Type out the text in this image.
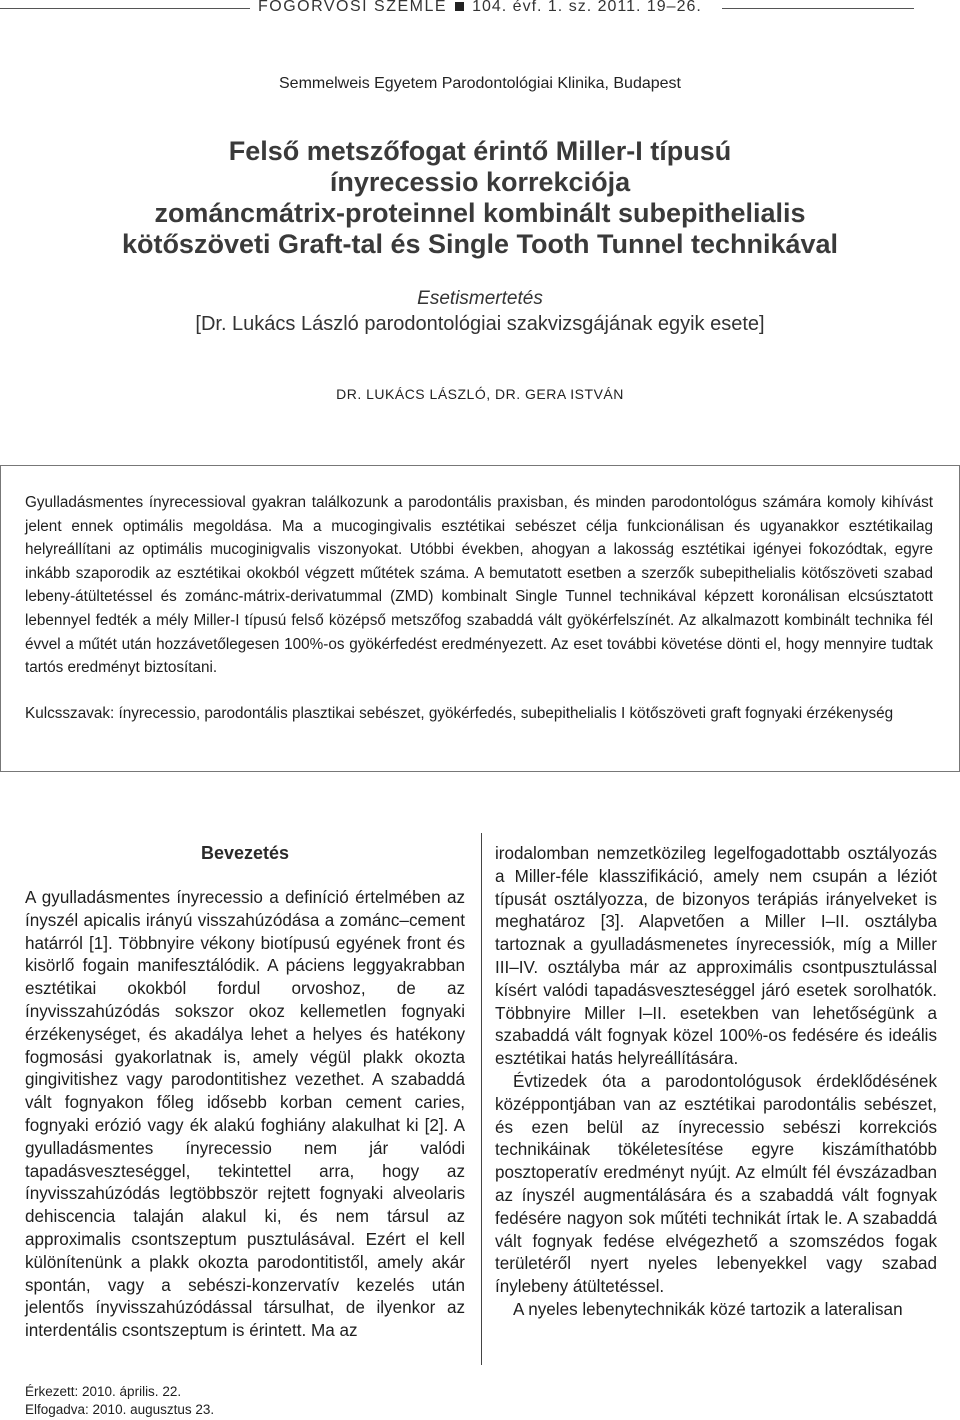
FOGORVOSI SZEMLE 104. évf. 1. sz. 2011. 19–26.
Semmelweis Egyetem Parodontológiai Klinika, Budapest
Felső metszőfogat érintő Miller-I típusú
ínyrecessio korrekciója
zománcmátrix-proteinnel kombinált subepithelialis
kötőszöveti Graft-tal és Single Tooth Tunnel technikával
Esetismertetés
[Dr. Lukács László parodontológiai szakvizsgájának egyik esete]
DR. LUKÁCS LÁSZLÓ, DR. GERA ISTVÁN
Gyulladásmentes ínyrecessioval gyakran találkozunk a parodontális praxisban, és minden parodontológus számára komoly kihívást jelent ennek optimális megoldása. Ma a mucogingivalis esztétikai sebészet célja funkcionálisan és ugyanakkor esztétikailag helyreállítani az optimális mucoginigvalis viszonyokat. Utóbbi években, ahogyan a lakosság esztétikai igényei fokozódtak, egyre inkább szaporodik az esztétikai okokból végzett műtétek száma. A bemutatott esetben a szerzők subepithelialis kötőszöveti szabad lebeny-átültetéssel és zománc-mátrix-derivatummal (ZMD) kombinalt Single Tunnel technikával képzett koronálisan elcsúsztatott lebennyel fedték a mély Miller-I típusú felső középső metszőfog szabaddá vált gyökérfelszínét. Az alkalmazott kombinált technika fél évvel a műtét után hozzávetőlegesen 100%-os gyökérfedést eredményezett. Az eset további követése dönti el, hogy mennyire tudtak tartós eredményt biztosítani.
Kulcsszavak: ínyrecessio, parodontális plasztikai sebészet, gyökérfedés, subepithelialis I kötőszöveti graft fognyaki érzékenység
Bevezetés
A gyulladásmentes ínyrecessio a definíció értelmében az ínyszél apicalis irányú visszahúzódása a zománc–cement határról [1]. Többnyire vékony biotípusú egyének front és kisörlő fogain manifesztálódik. A páciens leggyakrabban esztétikai okokból fordul orvoshoz, de az ínyvisszahúzódás sokszor okoz kellemetlen fognyaki érzékenységet, és akadálya lehet a helyes és hatékony fogmosási gyakorlatnak is, amely végül plakk okozta gingivitishez vagy parodontitishez vezethet. A szabaddá vált fognyakon főleg idősebb korban cement caries, fognyaki erózió vagy ék alakú foghiány alakulhat ki [2]. A gyulladásmentes ínyrecessio nem jár valódi tapadásveszteséggel, tekintettel arra, hogy az ínyvisszahúzódás legtöbbször rejtett fognyaki alveolaris dehiscencia talaján alakul ki, és nem társul az approximalis csontszeptum pusztulásával. Ezért el kell különítenünk a plakk okozta parodontitistől, amely akár spontán, vagy a sebészi-konzervatív kezelés után jelentős ínyvisszahúzódással társulhat, de ilyenkor az interdentális csontszeptum is érintett. Ma az

irodalomban nemzetközileg legelfogadottabb osztályozás a Miller-féle klasszifikáció, amely nem csupán a léziót típusát osztályozza, de bizonyos terápiás irányelveket is meghatároz [3]. Alapvetően a Miller I–II. osztályba tartoznak a gyulladásmenetes ínyrecessiók, míg a Miller III–IV. osztályba már az approximális csontpusztulással kísért valódi tapadásveszteséggel járó esetek sorolhatók. Többnyire Miller I–II. esetekben van lehetőségünk a szabaddá vált fognyak közel 100%-os fedésére és ideális esztétikai hatás helyreállítására.

Évtizedek óta a parodontológusok érdeklődésének középpontjában van az esztétikai parodontális sebészet, és ezen belül az ínyrecessio sebészi korrekciós technikáinak tökéletesítése egyre kiszámíthatóbb posztoperatív eredményt nyújt. Az elmúlt fél évszázadban az ínyszél augmentálására és a szabaddá vált fognyak fedésére nagyon sok műtéti technikát írtak le. A szabaddá vált fognyak fedése elvégezhető a szomszédos fogak területéről nyert nyeles lebenyekkel vagy szabad ínylebeny átültetéssel.

A nyeles lebenytechnikák közé tartozik a lateralisan

Érkezett: 2010. április. 22.
Elfogadva: 2010. augusztus 23.
